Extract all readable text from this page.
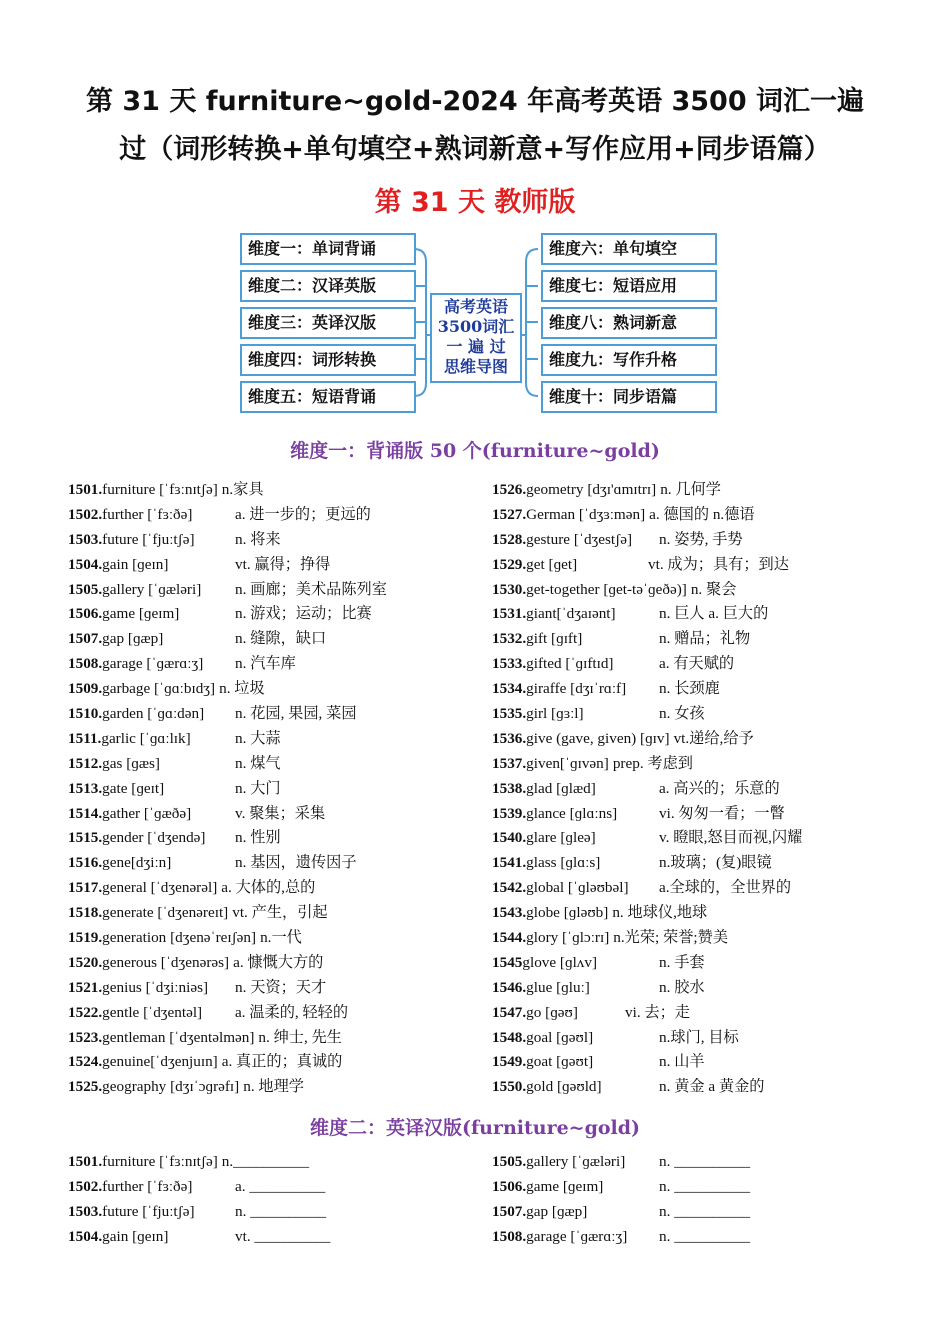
第 31 天 furniture~gold-2024 年高考英语 3500 词汇一遍
过（词形转换+单句填空+熟词新意+写作应用+同步语篇）
第 31 天 教师版
维度一：单词背诵
维度二：汉译英版
维度三：英译汉版
维度四：词形转换
维度五：短语背诵
高考英语
3500词汇
一 遍 过
思维导图
维度六：单句填空
维度七：短语应用
维度八：熟词新意
维度九：写作升格
维度十：同步语篇
维度一：背诵版 50 个(furniture~gold)
1501.furniture [ˈfɜːnɪtʃə] n.家具
1502.further [ˈfɜːðə]	a. 进一步的；更远的
1503.future [ˈfjuːtʃə]	n. 将来
1504.gain [ɡeɪn]	vt. 赢得；挣得
1505.gallery [ˈɡæləri] n. 画廊；美术品陈列室
1506.game [ɡeɪm]	n. 游戏；运动；比赛
1507.gap [ɡæp]	n. 缝隙，缺口
1508.garage [ˈɡærɑːʒ] n. 汽车库
1509.garbage [ˈɡɑːbɪdʒ] n. 垃圾
1510.garden [ˈɡɑːdən] n. 花园, 果园, 菜园
1511.garlic [ˈɡɑːlɪk]	n. 大蒜
1512.gas [ɡæs]	n. 煤气
1513.gate [ɡeɪt]	n. 大门
1514.gather [ˈɡæðə]	v. 聚集；采集
1515.gender [ˈdʒendə] n. 性别
1516.gene[dʒiːn]	n. 基因，遗传因子
1517.general [ˈdʒenərəl] a. 大体的,总的
1518.generate [ˈdʒenəreɪt] vt. 产生，引起
1519.generation [dʒenəˈreɪʃən] n.一代
1520.generous [ˈdʒenərəs] a. 慷慨大方的
1521.genius [ˈdʒiːniəs] n. 天资；天才
1522.gentle [ˈdʒentəl] a. 温柔的, 轻轻的
1523.gentleman [ˈdʒentəlmən] n. 绅士, 先生
1524.genuine[ˈdʒenjuɪn] a. 真正的；真诚的
1525.geography [dʒɪˈɔɡrəfɪ] n. 地理学
1526.geometry [dʒɪ'ɑmɪtrɪ] n. 几何学
1527.German [ˈdʒɜːmən] a. 德国的 n.德语
1528.gesture [ˈdʒestʃə] n. 姿势, 手势
1529.get [ɡet]	vt. 成为；具有；到达
1530.get-together [ɡet-təˈɡeðə)] n. 聚会
1531.giant[ˈdʒaɪənt]	n. 巨人 a. 巨大的
1532.gift [ɡɪft]	n. 赠品；礼物
1533.gifted [ˈɡɪftɪd]	a. 有天赋的
1534.giraffe [dʒɪˈrɑːf] n. 长颈鹿
1535.girl [ɡɜːl]	n. 女孩
1536.give (gave, given) [ɡɪv] vt.递给,给予
1537.given[ˈɡɪvən] prep. 考虑到
1538.glad [ɡlæd]	a. 高兴的；乐意的
1539.glance [ɡlɑːns]	vi. 匆匆一看；一瞥
1540.glare [ɡleə]	v. 瞪眼,怒目而视,闪耀
1541.glass [ɡlɑːs]	n.玻璃；(复)眼镜
1542.global [ˈɡləʊbəl] a.全球的，全世界的
1543.globe [ɡləʊb] n. 地球仪,地球
1544.glory [ˈɡlɔːrɪ] n.光荣; 荣誉;赞美
1545glove [ɡlʌv]	n. 手套
1546.glue [ɡluː]	n. 胶水
1547.go [ɡəʊ]	vi. 去；走
1548.goal [ɡəʊl]	n.球门, 目标
1549.goat [ɡəʊt]	n. 山羊
1550.gold [ɡəʊld]	n. 黄金 a 黄金的
维度二：英译汉版(furniture~gold)
1501.furniture [ˈfɜːnɪtʃə] n.__________
1502.further [ˈfɜːðə]	a. __________
1503.future [ˈfjuːtʃə]	n. __________
1504.gain [ɡeɪn]	vt. __________
1505.gallery [ˈɡæləri] n. __________
1506.game [ɡeɪm]	n. __________
1507.gap [ɡæp]	n. __________
1508.garage [ˈɡærɑːʒ] n. __________
